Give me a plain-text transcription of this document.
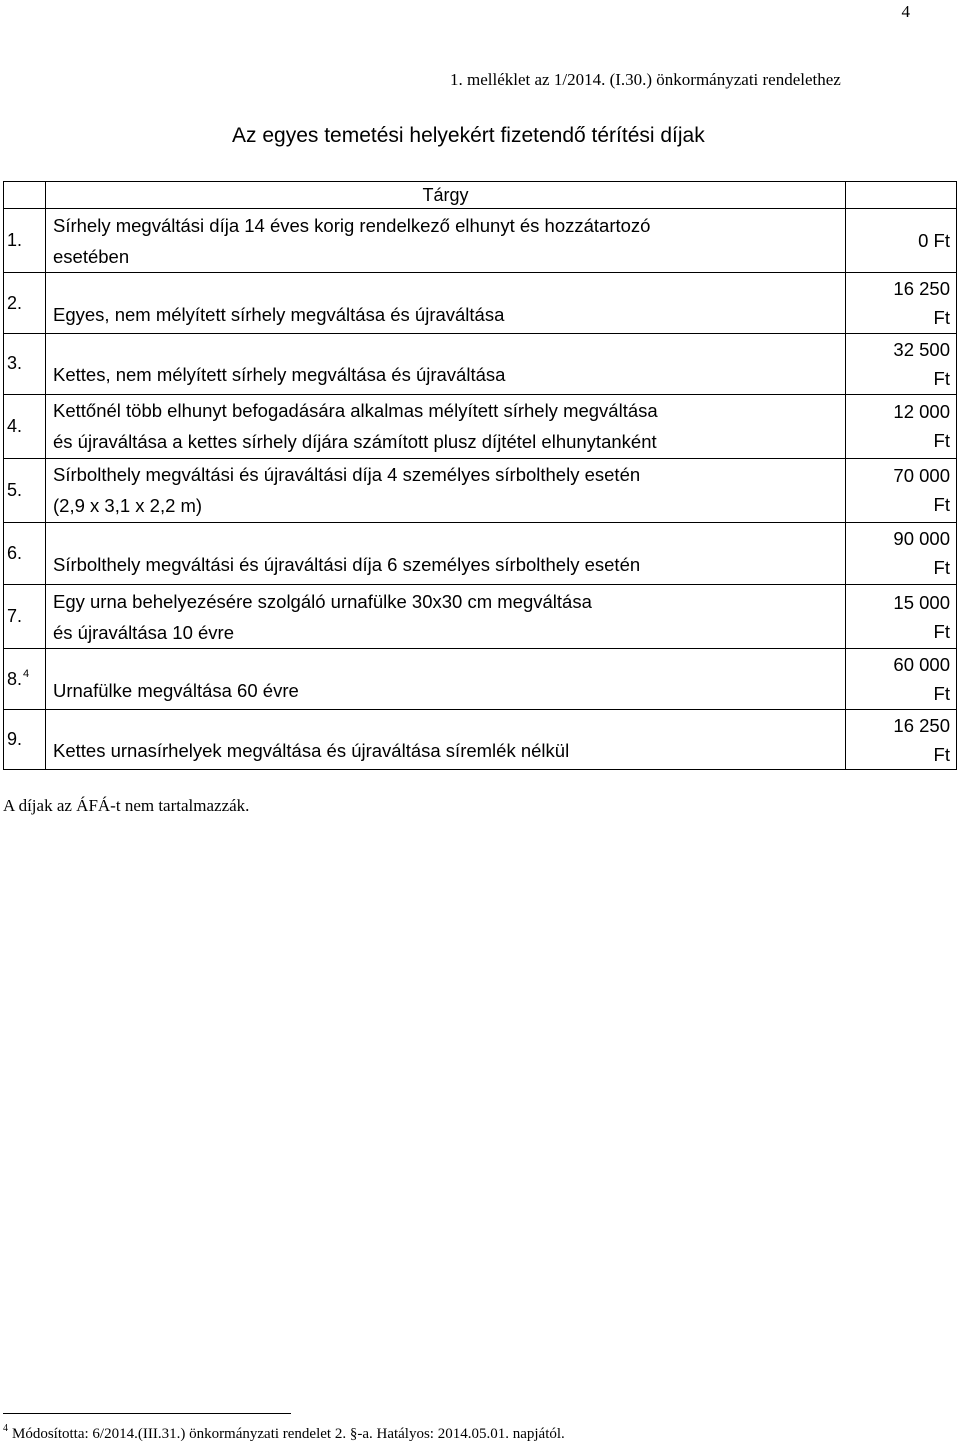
4
1. melléklet az 1/2014. (I.30.) önkormányzati rendelethez
Az egyes temetési helyekért fizetendő térítési díjak
	Tárgy	
1.	Sírhely megváltási díja 14 éves korig rendelkező elhunyt és hozzátartozó
esetében	0 Ft

2.	Egyes, nem mélyített sírhely megváltása és újraváltása	16 250
Ft

3.	Kettes, nem mélyített sírhely megváltása és újraváltása	32 500
Ft

4.	Kettőnél több elhunyt befogadására alkalmas mélyített sírhely megváltása
és újraváltása a kettes sírhely díjára számított plusz díjtétel elhunytanként	12 000
Ft

5.	Sírbolthely megváltási és újraváltási díja 4 személyes sírbolthely esetén
(2,9 x 3,1 x 2,2 m)	70 000
Ft

6.	Sírbolthely megváltási és újraváltási díja 6 személyes sírbolthely esetén	90 000
Ft

7.	Egy urna behelyezésére szolgáló urnafülke 30x30 cm megváltása
és újraváltása 10 évre	15 000
Ft

8.$^4$	Urnafülke megváltása 60 évre	60 000
Ft

9.	Kettes urnasírhelyek megváltása és újraváltása síremlék nélkül	16 250
Ft
A díjak az ÁFÁ-t nem tartalmazzák.
$^4$ Módosította: 6/2014.(III.31.) önkormányzati rendelet 2. §-a. Hatályos: 2014.05.01. napjától.
